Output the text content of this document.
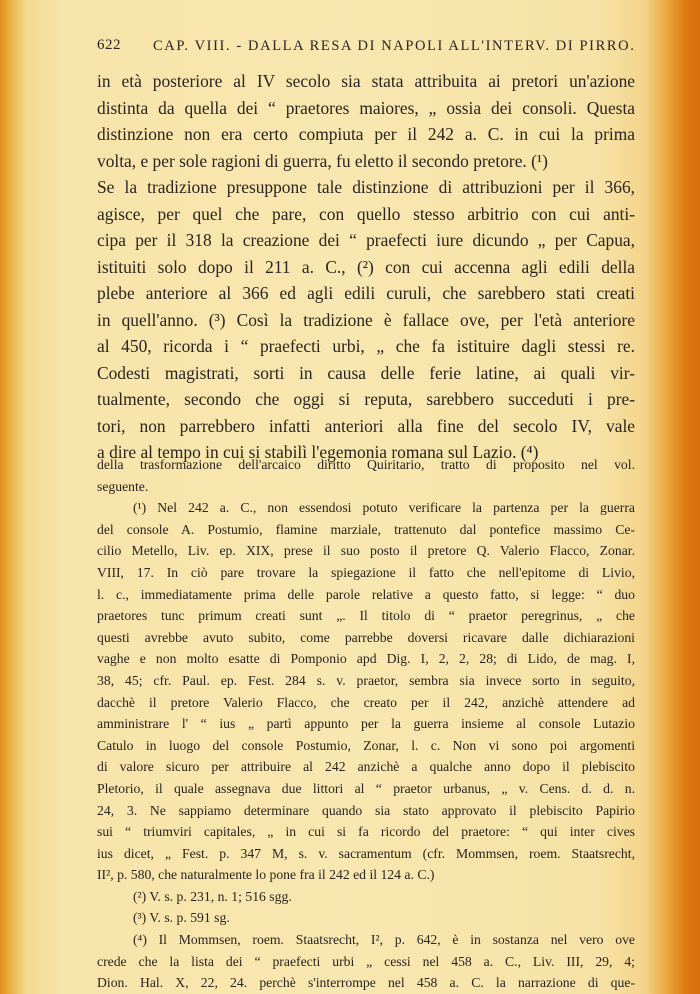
622 CAP. VIII. - DALLA RESA DI NAPOLI ALL'INTERV. DI PIRRO.
in età posteriore al IV secolo sia stata attribuita ai pretori un'azione
distinta da quella dei “ praetores maiores, „ ossia dei consoli. Questa
distinzione non era certo compiuta per il 242 a. C. in cui la prima
volta, e per sole ragioni di guerra, fu eletto il secondo pretore. (¹)
Se la tradizione presuppone tale distinzione di attribuzioni per il 366,
agisce, per quel che pare, con quello stesso arbitrio con cui anti-
cipa per il 318 la creazione dei “ praefecti iure dicundo „ per Capua,
istituiti solo dopo il 211 a. C., (²) con cui accenna agli edili della
plebe anteriore al 366 ed agli edili curuli, che sarebbero stati creati
in quell'anno. (³) Così la tradizione è fallace ove, per l'età anteriore
al 450, ricorda i “ praefecti urbi, „ che fa istituire dagli stessi re.
Codesti magistrati, sorti in causa delle ferie latine, ai quali vir-
tualmente, secondo che oggi si reputa, sarebbero succeduti i pre-
tori, non parrebbero infatti anteriori alla fine del secolo IV, vale
a dire al tempo in cui si stabilì l'egemonia romana sul Lazio. (⁴)
della trasformazione dell'arcaico diritto Quiritario, tratto di proposito nel vol.
seguente.
(¹) Nel 242 a. C., non essendosi potuto verificare la partenza per la guerra
del console A. Postumio, flamine marziale, trattenuto dal pontefice massimo Ce-
cilio Metello, Liv. ep. XIX, prese il suo posto il pretore Q. Valerio Flacco, Zonar.
VIII, 17. In ciò pare trovare la spiegazione il fatto che nell'epitome di Livio,
l. c., immediatamente prima delle parole relative a questo fatto, si legge: “ duo
praetores tunc primum creati sunt „. Il titolo di “ praetor peregrinus, „ che
questi avrebbe avuto subito, come parrebbe doversi ricavare dalle dichiarazioni
vaghe e non molto esatte di Pomponio apd Dig. I, 2, 2, 28; di Lido, de mag. I,
38, 45; cfr. Paul. ep. Fest. 284 s. v. praetor, sembra sia invece sorto in seguito,
dacchè il pretore Valerio Flacco, che creato per il 242, anzichè attendere ad
amministrare l' “ ius „ partì appunto per la guerra insieme al console Lutazio
Catulo in luogo del console Postumio, Zonar, l. c. Non vi sono poi argomenti
di valore sicuro per attribuire al 242 anzichè a qualche anno dopo il plebiscito
Pletorio, il quale assegnava due littori al “ praetor urbanus, „ v. Cens. d. d. n.
24, 3. Ne sappiamo determinare quando sia stato approvato il plebiscito Papirio
sui “ triumviri capitales, „ in cui si fa ricordo del praetore: “ qui inter cives
ius dicet, „ Fest. p. 347 M, s. v. sacramentum (cfr. Mommsen, roem. Staatsrecht,
II², p. 580, che naturalmente lo pone fra il 242 ed il 124 a. C.)
(²) V. s. p. 231, n. 1; 516 sgg.
(³) V. s. p. 591 sg.
(⁴) Il Mommsen, roem. Staatsrecht, I², p. 642, è in sostanza nel vero ove
crede che la lista dei “ praefecti urbi „ cessi nel 458 a. C., Liv. III, 29, 4;
Dion. Hal. X, 22, 24. perchè s'interrompe nel 458 a. C. la narrazione di que-
